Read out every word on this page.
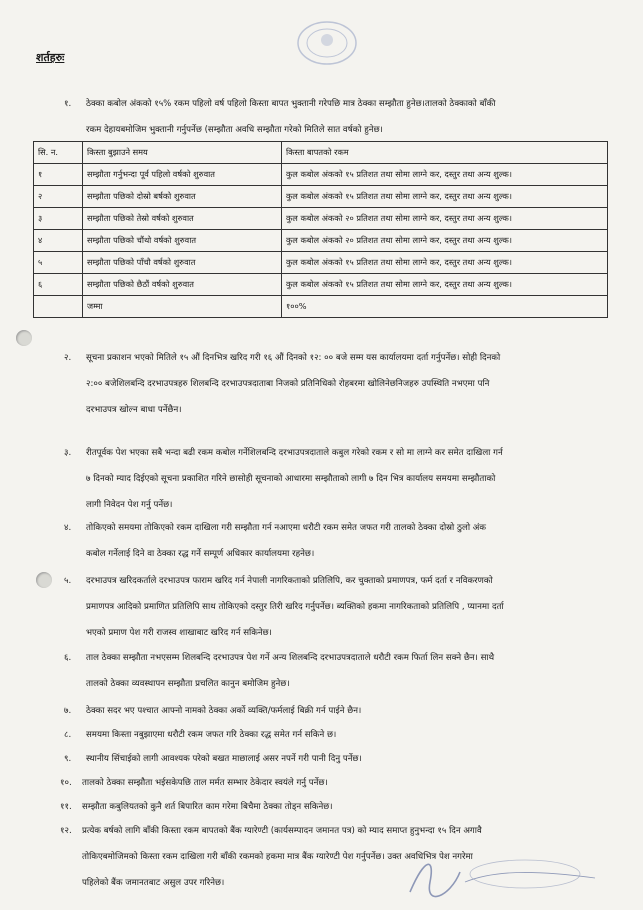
शर्तहरुः
१. ठेक्का कबोल अंकको १५% रकम पहिलो वर्ष पहिलो किस्ता बापत भुक्तानी गरेपछि मात्र ठेक्का सम्झौता हुनेछ।तालको ठेक्काको बाँकी
रकम देहायबमोजिम भुक्तानी गर्नुपर्नेछ (सम्झौता अवधि सम्झौता गरेको मितिले सात वर्षको हुनेछ।
सि. न.	किस्ता बुझाउने समय	किस्ता बापतको रकम
१	सम्झौता गर्नुभन्दा पूर्व पहिलो वर्षको शुरुवात	कुल कबोल अंकको १५ प्रतिशत तथा सोमा लाग्ने कर, दस्तुर तथा अन्य शुल्क।
२	सम्झौता पछिको दोस्रो बर्षको शुरुवात	कुल कबोल अंकको १५ प्रतिशत तथा सोमा लाग्ने कर, दस्तुर तथा अन्य शुल्क।
३	सम्झौता पछिको तेस्रो वर्षको शुरुवात	कुल कबोल अंकको २० प्रतिशत तथा सोमा लाग्ने कर, दस्तुर तथा अन्य शुल्क।
४	सम्झौता पछिको चौंथो वर्षको शुरुवात	कुल कबोल अंकको २० प्रतिशत तथा सोमा लाग्ने कर, दस्तुर तथा अन्य शुल्क।
५	सम्झौता पछिको पाँचौ वर्षको शुरुवात	कुल कबोल अंकको १५ प्रतिशत तथा सोमा लाग्ने कर, दस्तुर तथा अन्य शुल्क।
६	सम्झौता पछिको छैठौं वर्षको शुरुवात	कुल कबोल अंकको १५ प्रतिशत तथा सोमा लाग्ने कर, दस्तुर तथा अन्य शुल्क।
	जम्मा	१००%
२. सूचना प्रकाशन भएको मितिले १५ औं दिनभित्र खरिद गरी १६ औं दिनको १२: ०० बजे सम्म यस कार्यालयमा दर्ता गर्नुपर्नेछ। सोही दिनको
२:०० बजेशिलबन्दि दरभाउपत्रहरु शिलबन्दि दरभाउपत्रदाताबा निजको प्रतिनिधिको रोहबरमा खोलिनेछनिजहरु उपस्थिति नभएमा पनि
दरभाउपत्र खोल्न बाधा पर्नेछैन।
३. रीतपूर्वक पेश भएका सबै भन्दा बढी रकम कबोल गर्नेशिलबन्दि दरभाउपत्रदाताले कबुल गरेको रकम र सो मा लाग्ने कर समेत दाखिला गर्न
७ दिनको म्याद दिईएको सूचना प्रकाशित गरिने छासोही सूचनाको आधारमा सम्झौताको लागी ७ दिन भित्र कार्यालय समयमा सम्झौताको
लागी निवेदन पेश गर्नु पर्नेछ।
४. तोकिएको समयमा तोकिएको रकम दाखिला गरी सम्झौता गर्न नआएमा धरौटी रकम समेत जफत गरी तालको ठेक्का दोस्रो ठुलो अंक
कबोल गर्नेलाई दिने वा ठेक्का रद्ध गर्ने सम्पूर्ण अधिकार कार्यालयमा रहनेछ।
५. दरभाउपत्र खरिदकर्ताले दरभाउपत्र फाराम खरिद गर्न नेपाली नागरिकताको प्रतिलिपि, कर चुक्ताको प्रमाणपत्र, फर्म दर्ता र नविकरणको
प्रमाणपत्र आदिको प्रमाणित प्रतिलिपि साथ तोकिएको दस्तुर तिरी खरिद गर्नुपर्नेछ। ब्यक्तिको हकमा नागरिकताको प्रतिलिपि , प्यानमा दर्ता
भएको प्रमाण पेश गरी राजस्व शाखाबाट खरिद गर्न सकिनेछ।
६. ताल ठेक्का सम्झौता नभएसम्म शिलबन्दि दरभाउपत्र पेश गर्ने अन्य शिलबन्दि दरभाउपत्रदाताले धरौटी रकम फिर्ता लिन सक्ने छैन। साथै
तालको ठेक्का व्यवस्थापन सम्झौता प्रचलित कानुन बमोजिम हुनेछ।
७. ठेक्का सदर भए पश्चात आफ्नो नामको ठेक्का अर्को व्यक्ति/फर्मलाई बिक्री गर्न पाईने छैन।
८. समयमा किस्ता नबुझाएमा धरौटी रकम जफत गरि ठेक्का रद्ध समेत गर्न सकिने छ।
९. स्थानीय सिंचाईको लागी आवश्यक परेको बखत माछालाई असर नपर्ने गरी पानी दिनु पर्नेछ।
१०. तालको ठेक्का सम्झौता भईसकेपछि ताल मर्मत सम्भार ठेकेदार स्वयंले गर्नु पर्नेछ।
११. सम्झौता कबुलियतको कुनै शर्त बिपारित काम गरेमा बिचैमा ठेक्का तोड्न सकिनेछ।
१२. प्रत्येक बर्षको लागि बाँकी किस्ता रकम बापतको बैंक ग्यारेण्टी (कार्यसम्पादन जमानत पत्र) को म्याद समाप्त हुनुभन्दा १५ दिन अगावै
तोकिएबमोजिमको किस्ता रकम दाखिला गरी बाँकी रकमको हकमा मात्र बैंक ग्यारेण्टी पेश गर्नुपर्नेछ। उक्त अवधिभित्र पेश नगरेमा
पहिलेको बैंक जमानतबाट असुल उपर गरिनेछ।
